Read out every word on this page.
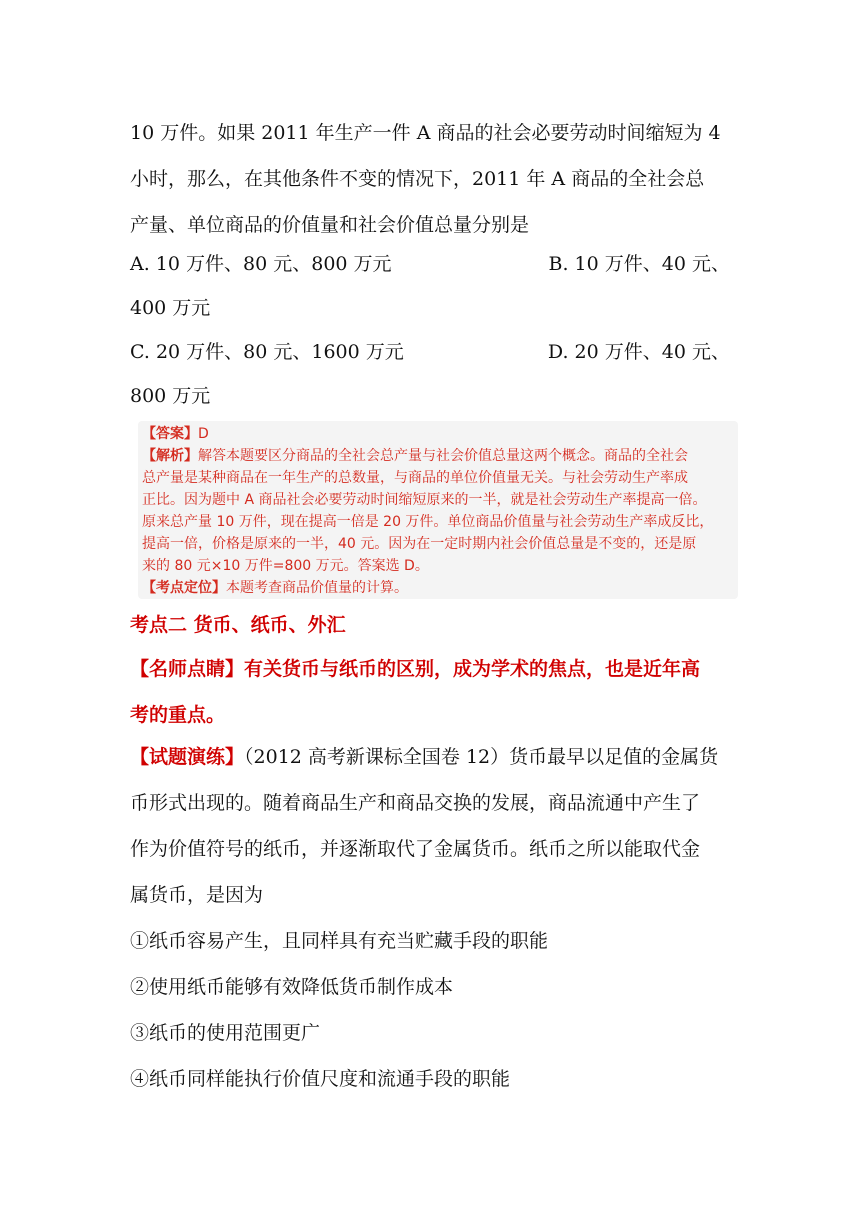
10 万件。如果 2011 年生产一件 A 商品的社会必要劳动时间缩短为 4

小时，那么，在其他条件不变的情况下，2011 年 A 商品的全社会总

产量、单位商品的价值量和社会价值总量分别是

A. 10 万件、80 元、800 万元	B. 10 万件、40 元、
400 万元
C. 20 万件、80 元、1600 万元	D. 20 万件、40 元、
800 万元

【答案】D

【解析】解答本题要区分商品的全社会总产量与社会价值总量这两个概念。商品的全社会

总产量是某种商品在一年生产的总数量，与商品的单位价值量无关。与社会劳动生产率成

正比。因为题中 A 商品社会必要劳动时间缩短原来的一半，就是社会劳动生产率提高一倍。

原来总产量 10 万件，现在提高一倍是 20 万件。单位商品价值量与社会劳动生产率成反比，

提高一倍，价格是原来的一半，40 元。因为在一定时期内社会价值总量是不变的，还是原

来的 80 元×10 万件=800 万元。答案选 D。

【考点定位】本题考查商品价值量的计算。

考点二 货币、纸币、外汇

【名师点睛】有关货币与纸币的区别，成为学术的焦点，也是近年高

考的重点。

【试题演练】（2012 高考新课标全国卷 12）货币最早以足值的金属货

币形式出现的。随着商品生产和商品交换的发展，商品流通中产生了

作为价值符号的纸币，并逐渐取代了金属货币。纸币之所以能取代金

属货币，是因为

①纸币容易产生，且同样具有充当贮藏手段的职能

②使用纸币能够有效降低货币制作成本

③纸币的使用范围更广

④纸币同样能执行价值尺度和流通手段的职能
